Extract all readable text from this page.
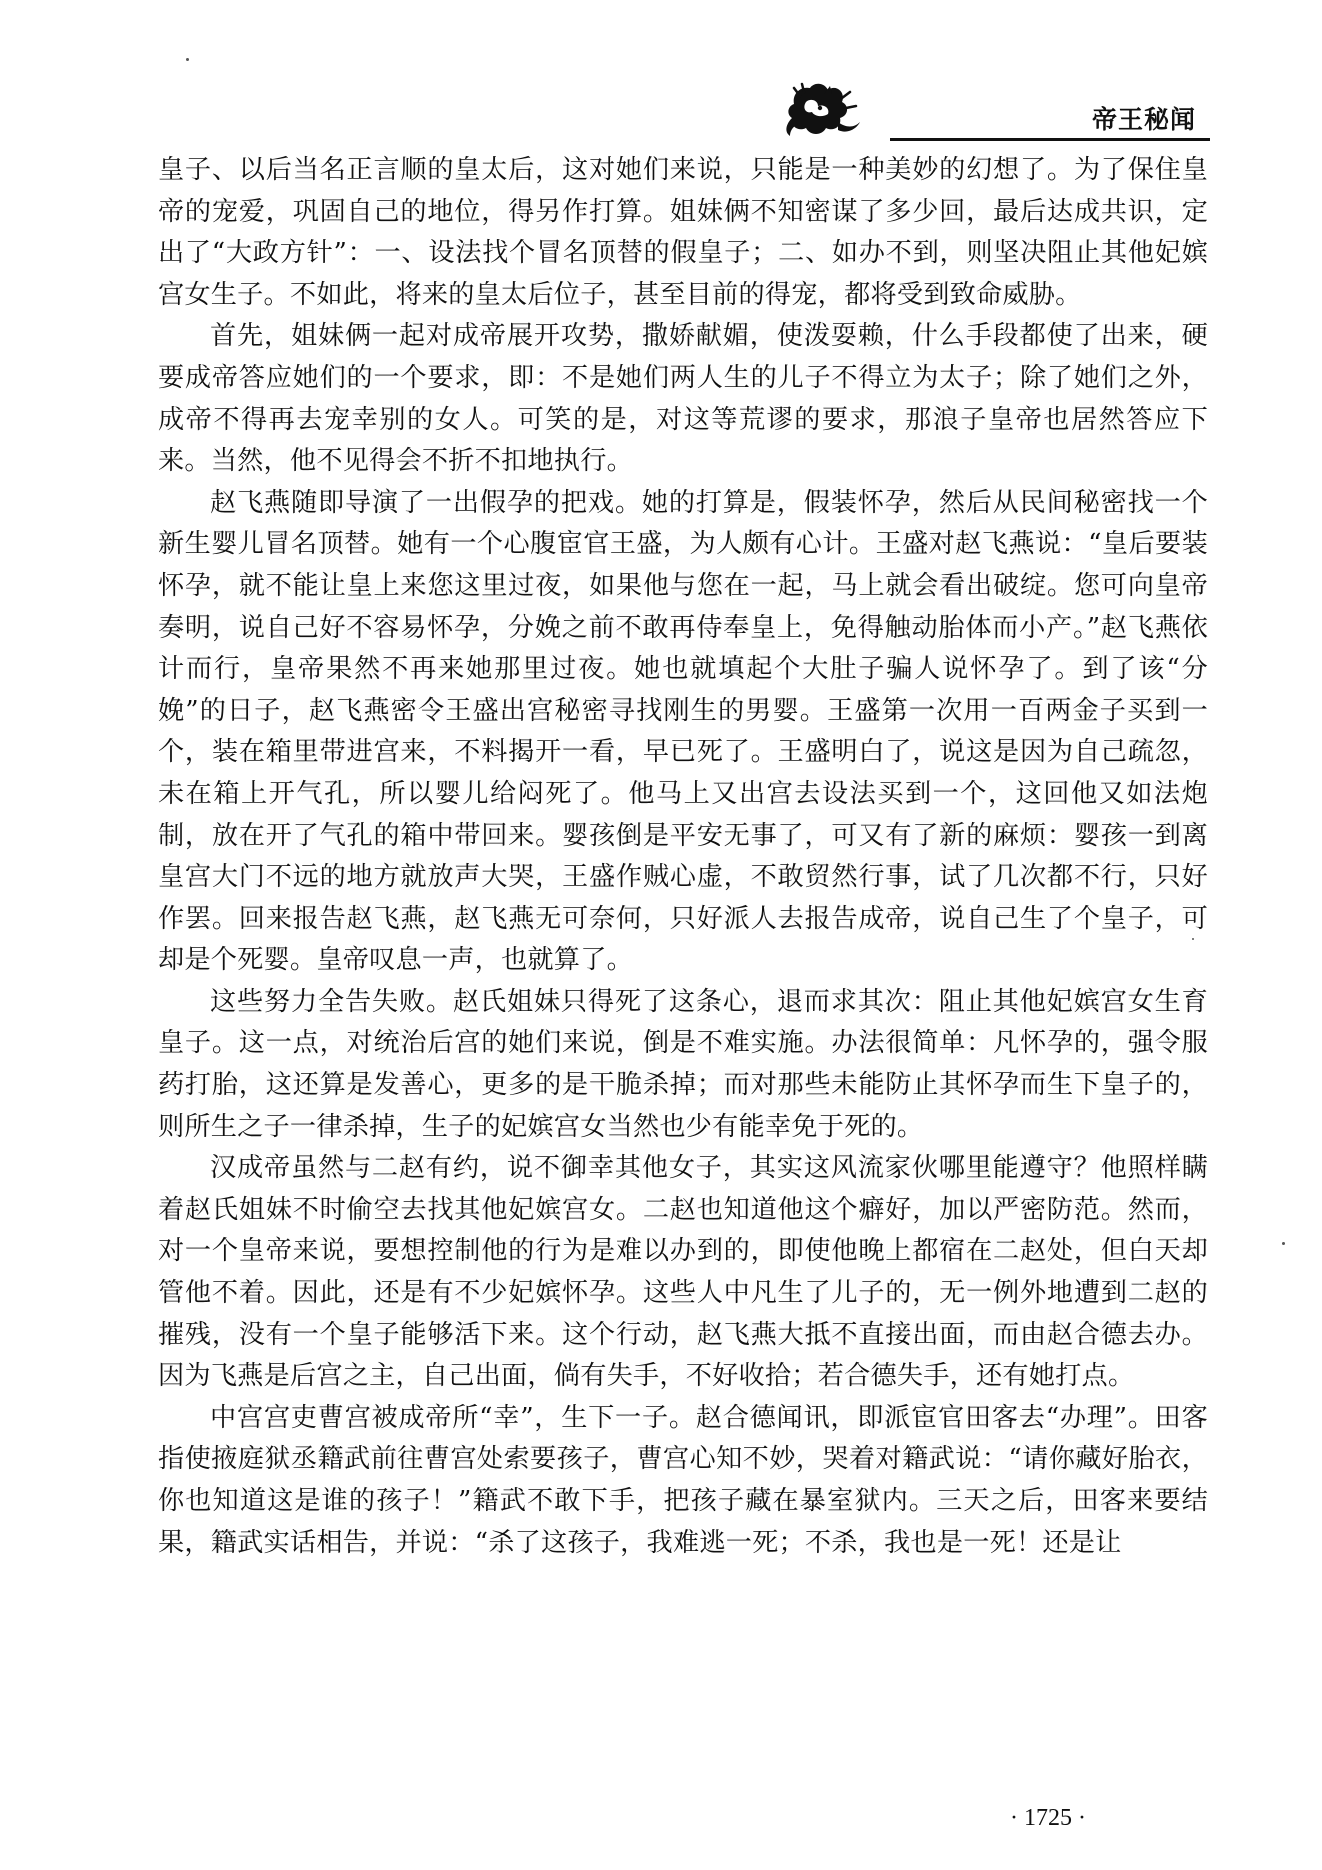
帝王秘闻

皇子、以后当名正言顺的皇太后，这对她们来说，只能是一种美妙的幻想了。为了保住皇帝的宠爱，巩固自己的地位，得另作打算。姐妹俩不知密谋了多少回，最后达成共识，定出了“大政方针”：一、设法找个冒名顶替的假皇子；二、如办不到，则坚决阻止其他妃嫔宫女生子。不如此，将来的皇太后位子，甚至目前的得宠，都将受到致命威胁。

首先，姐妹俩一起对成帝展开攻势，撒娇献媚，使泼耍赖，什么手段都使了出来，硬要成帝答应她们的一个要求，即：不是她们两人生的儿子不得立为太子；除了她们之外，成帝不得再去宠幸别的女人。可笑的是，对这等荒谬的要求，那浪子皇帝也居然答应下来。当然，他不见得会不折不扣地执行。

赵飞燕随即导演了一出假孕的把戏。她的打算是，假装怀孕，然后从民间秘密找一个新生婴儿冒名顶替。她有一个心腹宦官王盛，为人颇有心计。王盛对赵飞燕说：“皇后要装怀孕，就不能让皇上来您这里过夜，如果他与您在一起，马上就会看出破绽。您可向皇帝奏明，说自己好不容易怀孕，分娩之前不敢再侍奉皇上，免得触动胎体而小产。”赵飞燕依计而行，皇帝果然不再来她那里过夜。她也就填起个大肚子骗人说怀孕了。到了该“分娩”的日子，赵飞燕密令王盛出宫秘密寻找刚生的男婴。王盛第一次用一百两金子买到一个，装在箱里带进宫来，不料揭开一看，早已死了。王盛明白了，说这是因为自己疏忽，未在箱上开气孔，所以婴儿给闷死了。他马上又出宫去设法买到一个，这回他又如法炮制，放在开了气孔的箱中带回来。婴孩倒是平安无事了，可又有了新的麻烦：婴孩一到离皇宫大门不远的地方就放声大哭，王盛作贼心虚，不敢贸然行事，试了几次都不行，只好作罢。回来报告赵飞燕，赵飞燕无可奈何，只好派人去报告成帝，说自己生了个皇子，可却是个死婴。皇帝叹息一声，也就算了。

这些努力全告失败。赵氏姐妹只得死了这条心，退而求其次：阻止其他妃嫔宫女生育皇子。这一点，对统治后宫的她们来说，倒是不难实施。办法很简单：凡怀孕的，强令服药打胎，这还算是发善心，更多的是干脆杀掉；而对那些未能防止其怀孕而生下皇子的，则所生之子一律杀掉，生子的妃嫔宫女当然也少有能幸免于死的。

汉成帝虽然与二赵有约，说不御幸其他女子，其实这风流家伙哪里能遵守？他照样瞒着赵氏姐妹不时偷空去找其他妃嫔宫女。二赵也知道他这个癖好，加以严密防范。然而，对一个皇帝来说，要想控制他的行为是难以办到的，即使他晚上都宿在二赵处，但白天却管他不着。因此，还是有不少妃嫔怀孕。这些人中凡生了儿子的，无一例外地遭到二赵的摧残，没有一个皇子能够活下来。这个行动，赵飞燕大抵不直接出面，而由赵合德去办。因为飞燕是后宫之主，自己出面，倘有失手，不好收拾；若合德失手，还有她打点。

中宫宫吏曹宫被成帝所“幸”，生下一子。赵合德闻讯，即派宦官田客去“办理”。田客指使掖庭狱丞籍武前往曹宫处索要孩子，曹宫心知不妙，哭着对籍武说：“请你藏好胎衣，你也知道这是谁的孩子！”籍武不敢下手，把孩子藏在暴室狱内。三天之后，田客来要结果，籍武实话相告，并说：“杀了这孩子，我难逃一死；不杀，我也是一死！还是让

· 1725 ·
